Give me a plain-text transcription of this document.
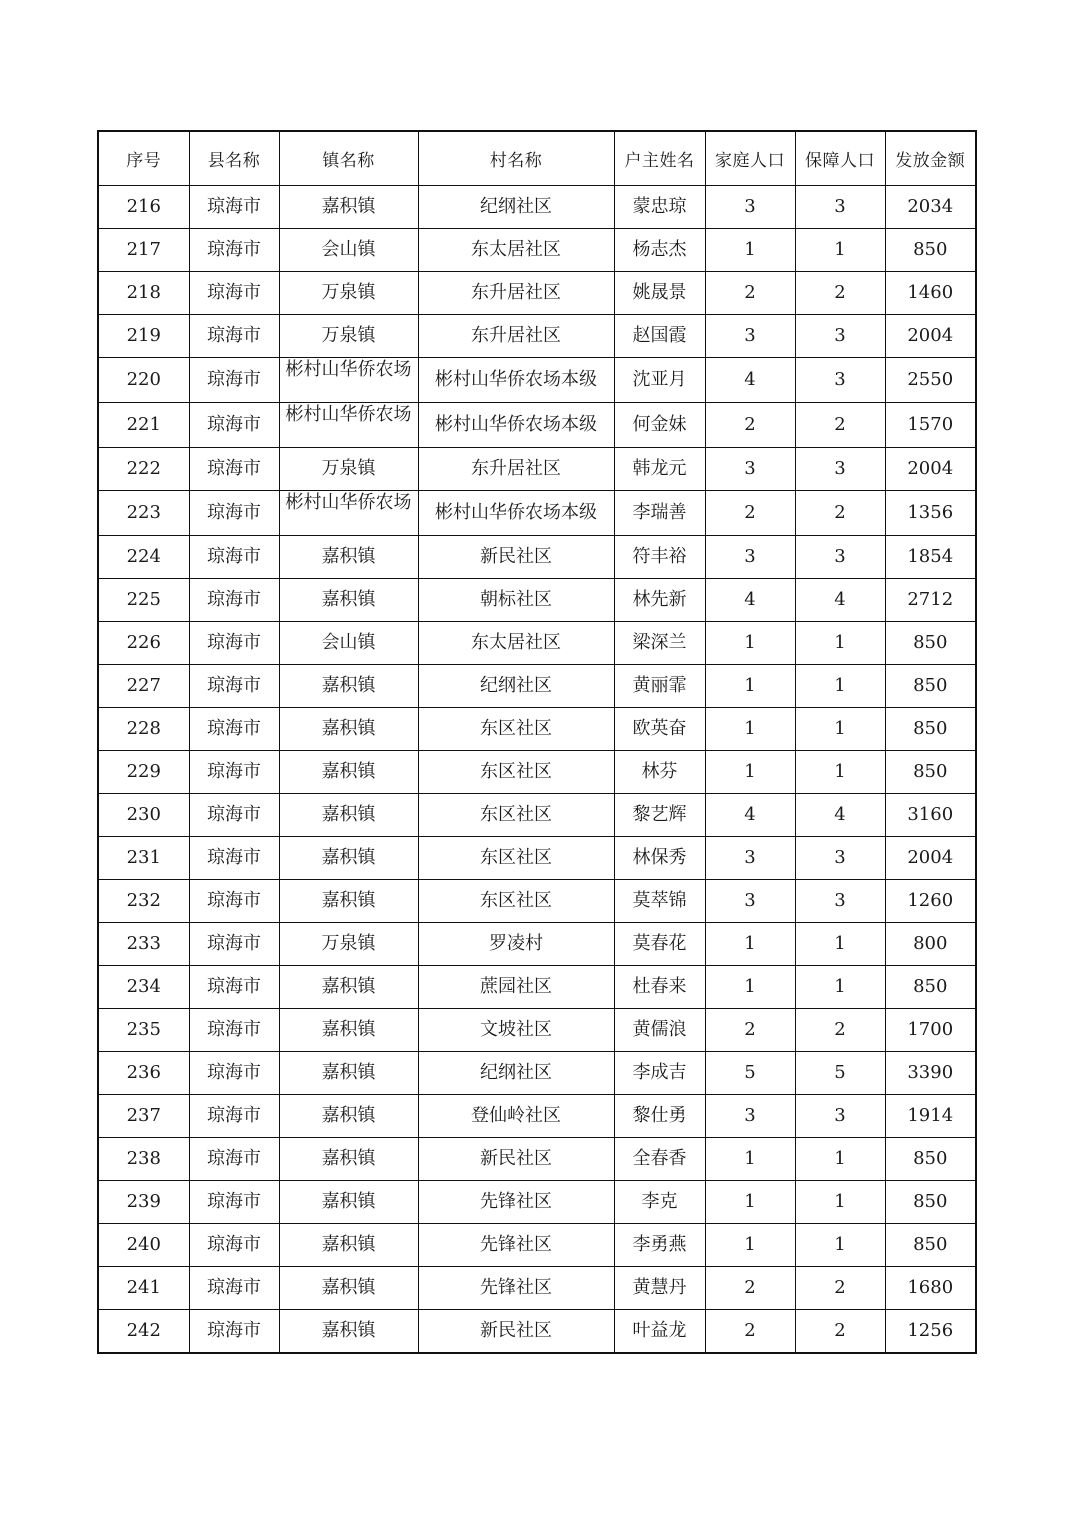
序号	县名称	镇名称	村名称	户主姓名	家庭人口	保障人口	发放金额
216	琼海市	嘉积镇	纪纲社区	蒙忠琼	3	3	2034
217	琼海市	会山镇	东太居社区	杨志杰	1	1	850
218	琼海市	万泉镇	东升居社区	姚晟景	2	2	1460
219	琼海市	万泉镇	东升居社区	赵国霞	3	3	2004
220	琼海市	彬村山华侨农场	彬村山华侨农场本级	沈亚月	4	3	2550
221	琼海市	彬村山华侨农场	彬村山华侨农场本级	何金妹	2	2	1570
222	琼海市	万泉镇	东升居社区	韩龙元	3	3	2004
223	琼海市	彬村山华侨农场	彬村山华侨农场本级	李瑞善	2	2	1356
224	琼海市	嘉积镇	新民社区	符丰裕	3	3	1854
225	琼海市	嘉积镇	朝标社区	林先新	4	4	2712
226	琼海市	会山镇	东太居社区	梁深兰	1	1	850
227	琼海市	嘉积镇	纪纲社区	黄丽霏	1	1	850
228	琼海市	嘉积镇	东区社区	欧英奋	1	1	850
229	琼海市	嘉积镇	东区社区	林芬	1	1	850
230	琼海市	嘉积镇	东区社区	黎艺辉	4	4	3160
231	琼海市	嘉积镇	东区社区	林保秀	3	3	2004
232	琼海市	嘉积镇	东区社区	莫萃锦	3	3	1260
233	琼海市	万泉镇	罗凌村	莫春花	1	1	800
234	琼海市	嘉积镇	蔗园社区	杜春来	1	1	850
235	琼海市	嘉积镇	文坡社区	黄儒浪	2	2	1700
236	琼海市	嘉积镇	纪纲社区	李成吉	5	5	3390
237	琼海市	嘉积镇	登仙岭社区	黎仕勇	3	3	1914
238	琼海市	嘉积镇	新民社区	全春香	1	1	850
239	琼海市	嘉积镇	先锋社区	李克	1	1	850
240	琼海市	嘉积镇	先锋社区	李勇燕	1	1	850
241	琼海市	嘉积镇	先锋社区	黄慧丹	2	2	1680
242	琼海市	嘉积镇	新民社区	叶益龙	2	2	1256
